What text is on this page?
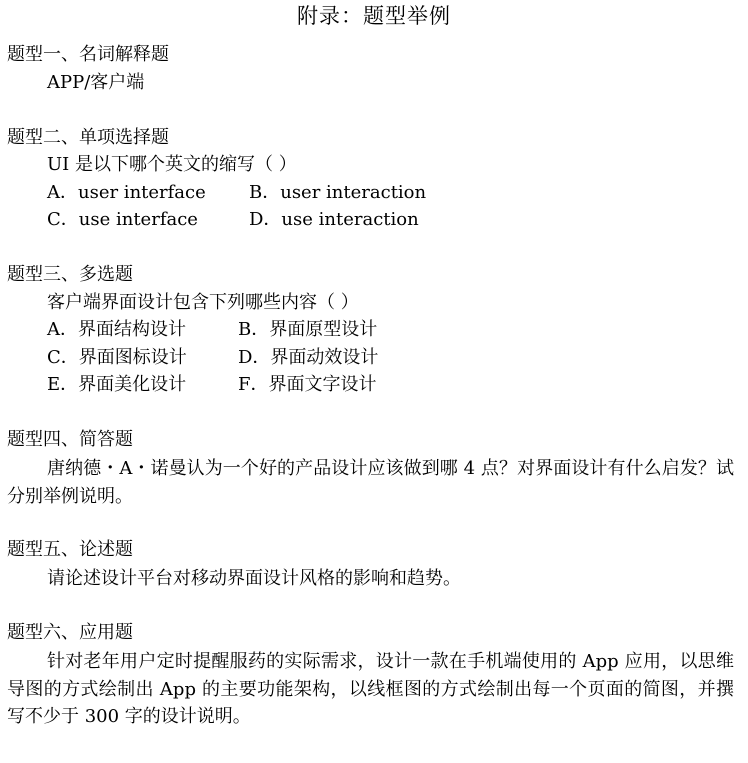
附录：题型举例
题型一、名词解释题
APP/客户端
题型二、单项选择题
UI 是以下哪个英文的缩写（ ）
A．user interface B．user interaction
C．use interface	D．use interaction
题型三、多选题
客户端界面设计包含下列哪些内容（ ）
A．界面结构设计	B．界面原型设计
C．界面图标设计	D．界面动效设计
E．界面美化设计	F．界面文字设计
题型四、简答题
唐纳德・A・诺曼认为一个好的产品设计应该做到哪 4 点？对界面设计有什么启发？试分别举例说明。
题型五、论述题
请论述设计平台对移动界面设计风格的影响和趋势。
题型六、应用题
针对老年用户定时提醒服药的实际需求，设计一款在手机端使用的 App 应用，以思维导图的方式绘制出 App 的主要功能架构，以线框图的方式绘制出每一个页面的简图，并撰写不少于 300 字的设计说明。
